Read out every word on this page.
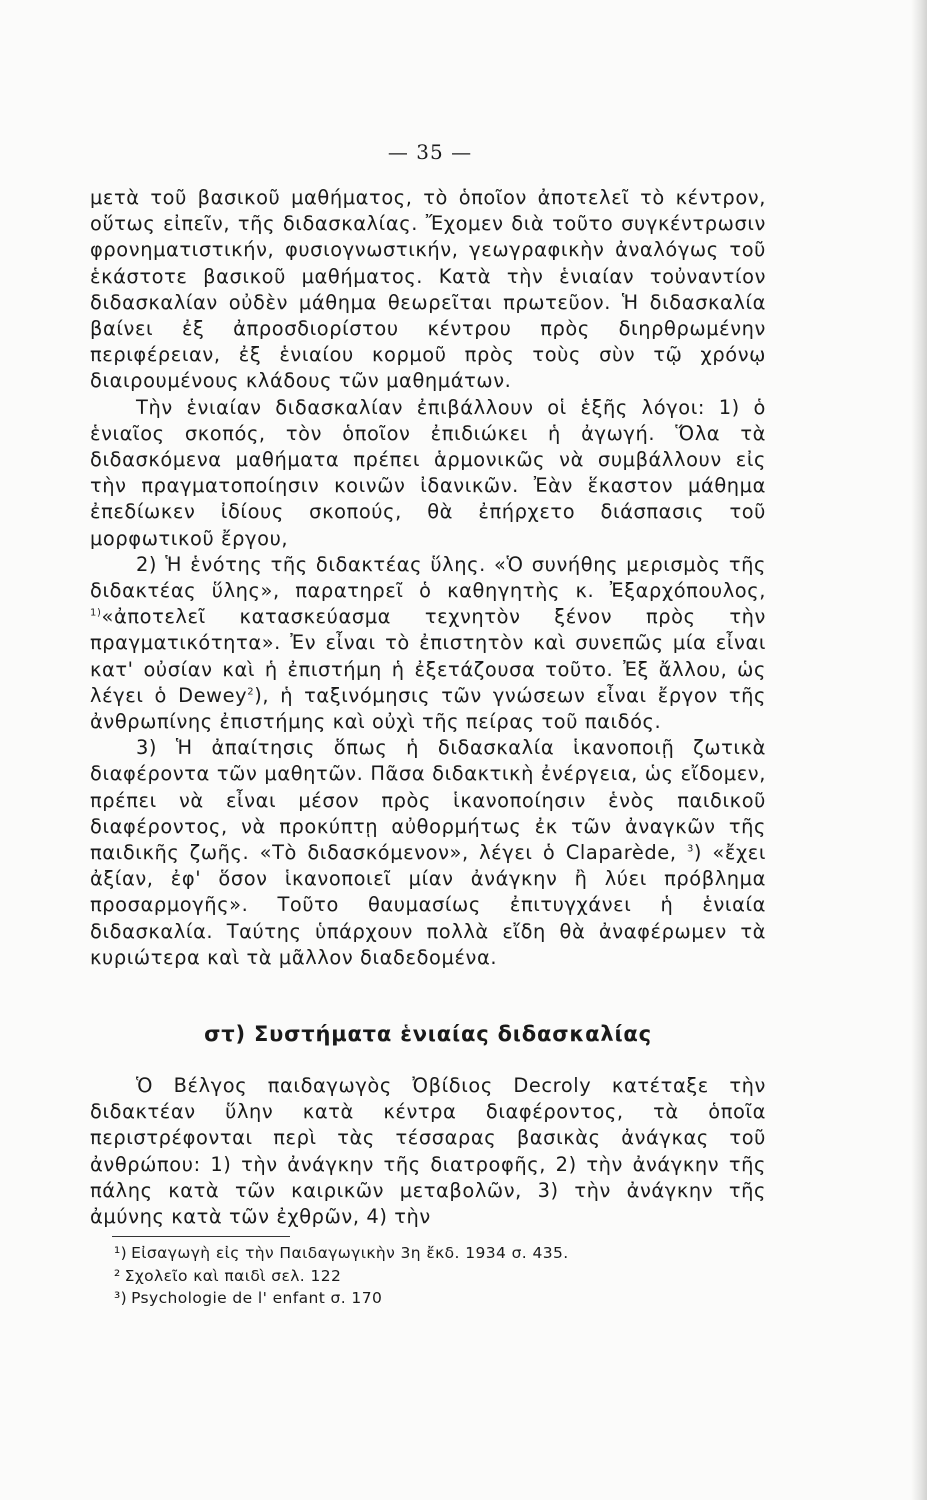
— 35 —

μετὰ τοῦ βασικοῦ μαθήματος, τὸ ὁποῖον ἀποτελεῖ τὸ κέντρον, οὕτως εἰπεῖν, τῆς διδασκαλίας. Ἔχομεν διὰ τοῦτο συγκέντρωσιν φρονηματιστικήν, φυσιογνωστικήν, γεωγραφικὴν ἀναλόγως τοῦ ἑκάστοτε βασικοῦ μαθήματος. Κατὰ τὴν ἑνιαίαν τοὐναντίον διδασκαλίαν οὐδὲν μάθημα θεωρεῖται πρωτεῦον. Ἡ διδασκαλία βαίνει ἐξ ἀπροσδιορίστου κέντρου πρὸς διηρθρωμένην περιφέρειαν, ἐξ ἑνιαίου κορμοῦ πρὸς τοὺς σὺν τῷ χρόνῳ διαιρουμένους κλάδους τῶν μαθημάτων.

Τὴν ἑνιαίαν διδασκαλίαν ἐπιβάλλουν οἱ ἑξῆς λόγοι: 1) ὁ ἑνιαῖος σκοπός, τὸν ὁποῖον ἐπιδιώκει ἡ ἀγωγή. Ὅλα τὰ διδασκόμενα μαθήματα πρέπει ἁρμονικῶς νὰ συμβάλλουν εἰς τὴν πραγματοποίησιν κοινῶν ἰδανικῶν. Ἐὰν ἕκαστον μάθημα ἐπεδίωκεν ἰδίους σκοπούς, θὰ ἐπήρχετο διάσπασις τοῦ μορφωτικοῦ ἔργου,

2) Ἡ ἑνότης τῆς διδακτέας ὕλης. «Ὁ συνήθης μερισμὸς τῆς διδακτέας ὕλης», παρατηρεῖ ὁ καθηγητὴς κ. Ἐξαρχόπουλος, $^{1)}$«ἀποτελεῖ κατασκεύασμα τεχνητὸν ξένον πρὸς τὴν πραγματικότητα». Ἐν εἶναι τὸ ἐπιστητὸν καὶ συνεπῶς μία εἶναι κατ' οὐσίαν καὶ ἡ ἐπιστήμη ἡ ἐξετάζουσα τοῦτο. Ἐξ ἄλλου, ὡς λέγει ὁ Dewey$^2$), ἡ ταξινόμησις τῶν γνώσεων εἶναι ἔργον τῆς ἀνθρωπίνης ἐπιστήμης καὶ οὐχὶ τῆς πείρας τοῦ παιδός.

3) Ἡ ἀπαίτησις ὅπως ἡ διδασκαλία ἱκανοποιῇ ζωτικὰ διαφέροντα τῶν μαθητῶν. Πᾶσα διδακτικὴ ἐνέργεια, ὡς εἴδομεν, πρέπει νὰ εἶναι μέσον πρὸς ἱκανοποίησιν ἑνὸς παιδικοῦ διαφέροντος, νὰ προκύπτῃ αὐθορμήτως ἐκ τῶν ἀναγκῶν τῆς παιδικῆς ζωῆς. «Τὸ διδασκόμενον», λέγει ὁ Claparède, $^3$) «ἔχει ἀξίαν, ἐφ' ὅσον ἱκανοποιεῖ μίαν ἀνάγκην ἢ λύει πρόβλημα προσαρμογῆς». Τοῦτο θαυμασίως ἐπιτυγχάνει ἡ ἑνιαία διδασκαλία. Ταύτης ὑπάρχουν πολλὰ εἴδη θὰ ἀναφέρωμεν τὰ κυριώτερα καὶ τὰ μᾶλλον διαδεδομένα.

στ) Συστήματα ἑνιαίας διδασκαλίας

Ὁ Βέλγος παιδαγωγὸς Ὀβίδιος Decroly κατέταξε τὴν διδακτέαν ὕλην κατὰ κέντρα διαφέροντος, τὰ ὁποῖα περιστρέφονται περὶ τὰς τέσσαρας βασικὰς ἀνάγκας τοῦ ἀνθρώπου: 1) τὴν ἀνάγκην τῆς διατροφῆς, 2) τὴν ἀνάγκην τῆς πάλης κατὰ τῶν καιρικῶν μεταβολῶν, 3) τὴν ἀνάγκην τῆς ἀμύνης κατὰ τῶν ἐχθρῶν, 4) τὴν

¹) Εἰσαγωγὴ εἰς τὴν Παιδαγωγικὴν 3η ἔκδ. 1934 σ. 435.
² Σχολεῖο καὶ παιδὶ σελ. 122
³) Psychologie de l' enfant σ. 170
